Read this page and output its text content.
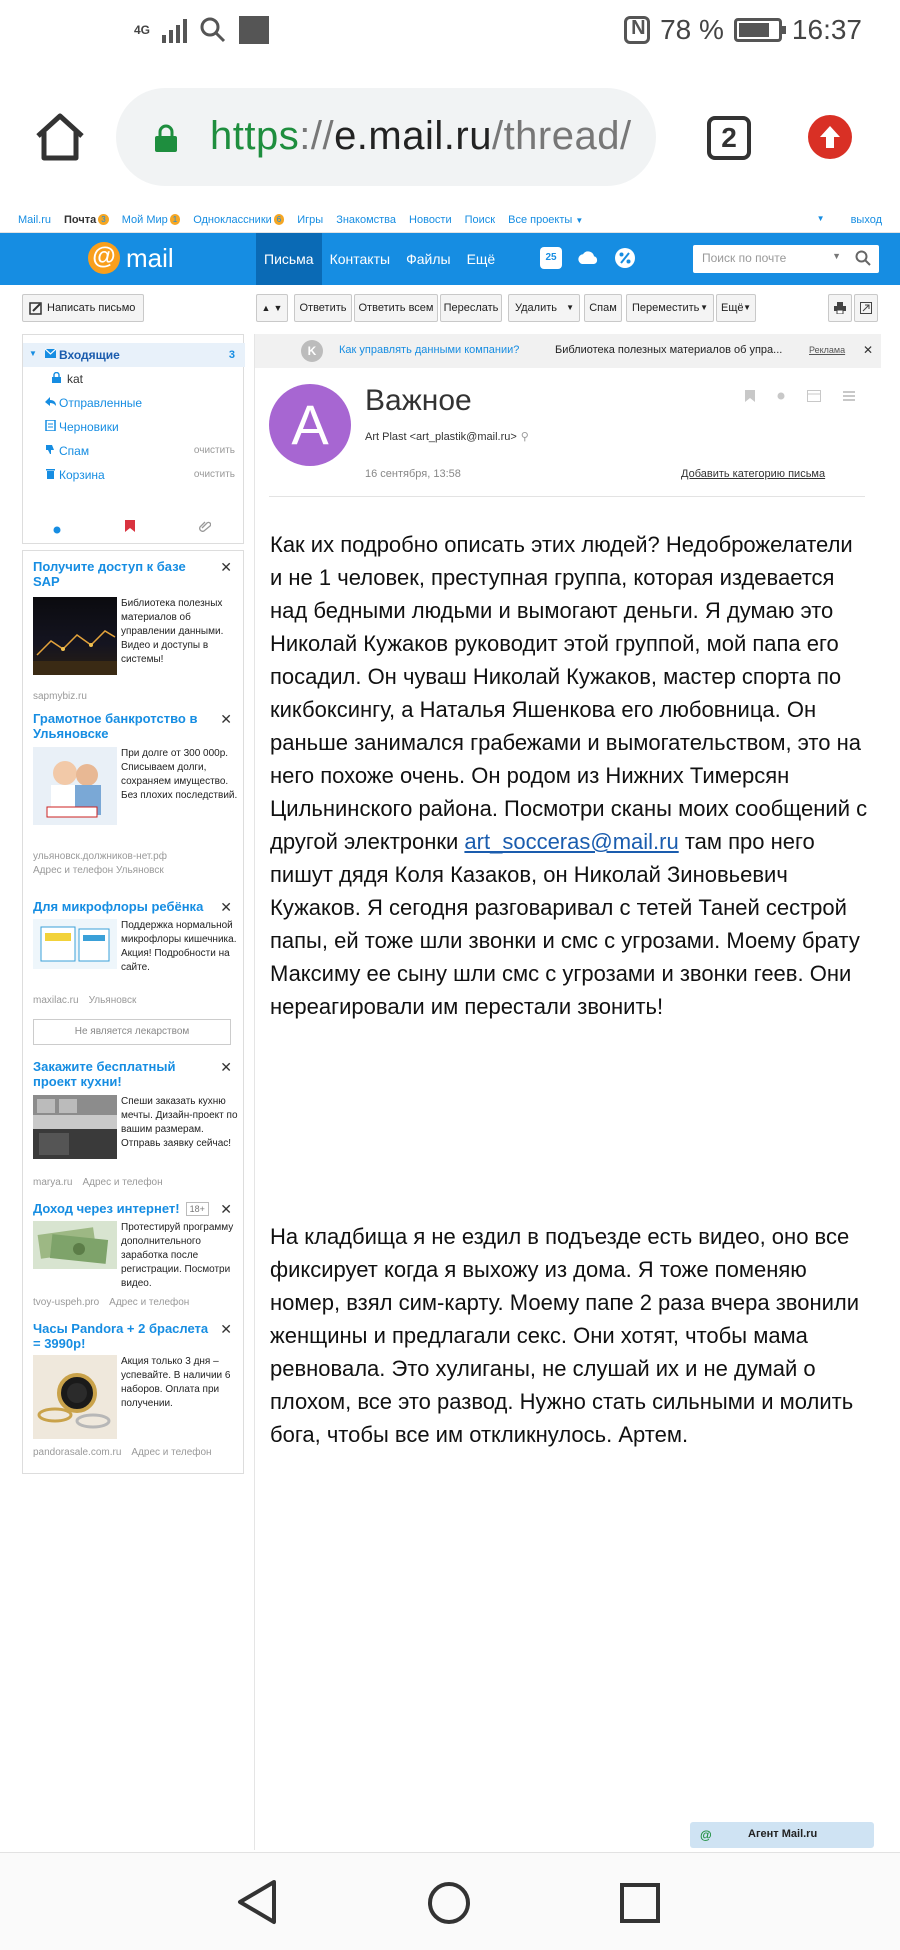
4G
N	78 % 16:37
https://e.mail.ru/thread/	2
Mail.ru Почта 3 Мой Мир 1 Одноклассники 6 Игры Знакомства Новости Поиск Все проекты ▼	▼ выход
@ mail	Письма	Контакты	Файлы	Ещё	25	Поиск по почте	▼
Написать письмо
▼ Входящие	3
kat
Отправленные
Черновики
Спам	очистить
Корзина	очистить
Получите доступ к базе SAP
✕
Библиотека полезных материалов об управлении данными. Видео и доступы в системы!
sapmybiz.ru
Грамотное банкротство в Ульяновске
✕
При долге от 300 000р. Списываем долги, сохраняем имущество. Без плохих последствий.
ульяновск.должников-нет.рф
Адрес и телефон Ульяновск
Для микрофлоры ребёнка	✕
Поддержка нормальной микрофлоры кишечника. Акция! Подробности на сайте.
maxilac.ru Ульяновск
Не является лекарством
Закажите бесплатный проект кухни!
✕
Спеши заказать кухню мечты. Дизайн-проект по вашим размерам. Отправь заявку сейчас!
marya.ru Адрес и телефон
Доход через интернет! 18+	✕
Протестируй программу дополнительного заработка после регистрации. Посмотри видео.
tvoy-uspeh.pro Адрес и телефон
Часы Pandora + 2 браслета = 3990р!
✕
Акция только 3 дня – успевайте. В наличии 6 наборов. Оплата при получении.
pandorasale.com.ru Адрес и телефон
▲ ▼	Ответить	Ответить всем Переслать	Удалить ▼	Спам	Переместить ▼	Ещё ▼
K	Как управлять данными компании?	Библиотека полезных материалов об упра...	Реклама ✕
A	Важное
Art Plast <art_plastik@mail.ru> ⚲
16 сентября, 13:58	Добавить категорию письма
Как их подробно описать этих людей? Недоброжелатели и не 1 человек, преступная группа, которая издевается над бедными людьми и вымогают деньги. Я думаю это Николай Кужаков руководит этой группой, мой папа его посадил. Он чуваш Николай Кужаков, мастер спорта по кикбоксингу, а Наталья Яшенкова его любовница. Он раньше занимался грабежами и вымогательством, это на него похоже очень. Он родом из Нижних Тимерсян Цильнинского района. Посмотри сканы моих сообщений с другой электронки art_socceras@mail.ru там про него пишут дядя Коля Казаков, он Николай Зиновьевич Кужаков. Я сегодня разговаривал с тетей Таней сестрой папы, ей тоже шли звонки и смс с угрозами. Моему брату Максиму ее сыну шли смс с угрозами и звонки геев. Они нереагировали им перестали звонить!
На кладбища я не ездил в подъезде есть видео, оно все фиксирует когда я выхожу из дома. Я тоже поменяю номер, взял сим-карту. Моему папе 2 раза вчера звонили женщины и предлагали секс. Они хотят, чтобы мама ревновала. Это хулиганы, не слушай их и не думай о плохом, все это развод. Нужно стать сильными и молить бога, чтобы все им откликнулось. Артем.
@	Агент Mail.ru
